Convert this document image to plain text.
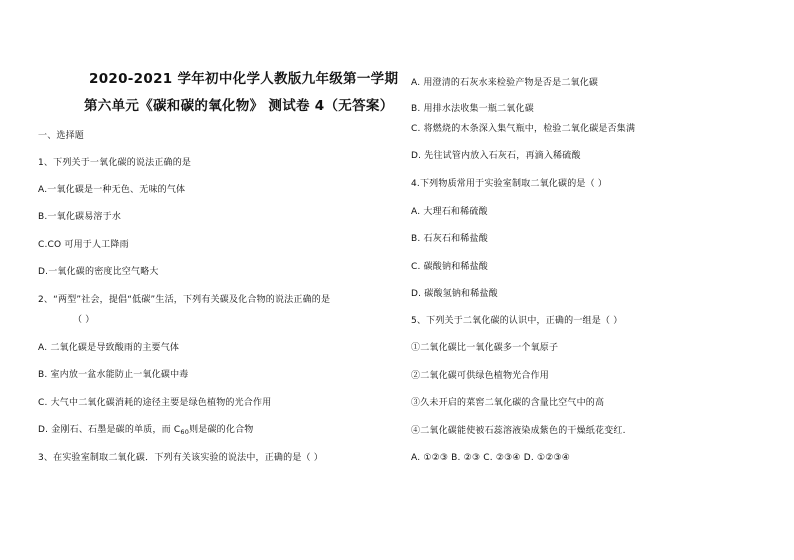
2020-2021 学年初中化学人教版九年级第一学期
第六单元《碳和碳的氧化物》 测试卷 4（无答案）
一、选择题
1、下列关于一氧化碳的说法正确的是
A.一氧化碳是一种无色、无味的气体
B.一氧化碳易溶于水
C.CO 可用于人工降雨
D.一氧化碳的密度比空气略大
2、“两型”社会，提倡“低碳”生活，下列有关碳及化合物的说法正确的是
（ ）
A. 二氧化碳是导致酸雨的主要气体
B. 室内放一盆水能防止一氧化碳中毒
C. 大气中二氧化碳消耗的途径主要是绿色植物的光合作用
D. 金刚石、石墨是碳的单质，而 $C_{60}$则是碳的化合物
3、在实验室制取二氧化碳．下列有关该实验的说法中，正确的是（ ）
A. 用澄清的石灰水来检验产物是否是二氧化碳
B. 用排水法收集一瓶二氧化碳
C. 将燃烧的木条深入集气瓶中，检验二氧化碳是否集满
D. 先往试管内放入石灰石，再滴入稀硫酸
4.下列物质常用于实验室制取二氧化碳的是（ ）
A. 大理石和稀硫酸
B. 石灰石和稀盐酸
C. 碳酸钠和稀盐酸
D. 碳酸氢钠和稀盐酸
5、下列关于二氧化碳的认识中，正确的一组是（ ）
①二氧化碳比一氧化碳多一个氧原子
②二氧化碳可供绿色植物光合作用
③久未开启的菜窖二氧化碳的含量比空气中的高
④二氧化碳能使被石蕊溶液染成紫色的干燥纸花变红.
A. ①②③ B. ②③ C. ②③④ D. ①②③④
